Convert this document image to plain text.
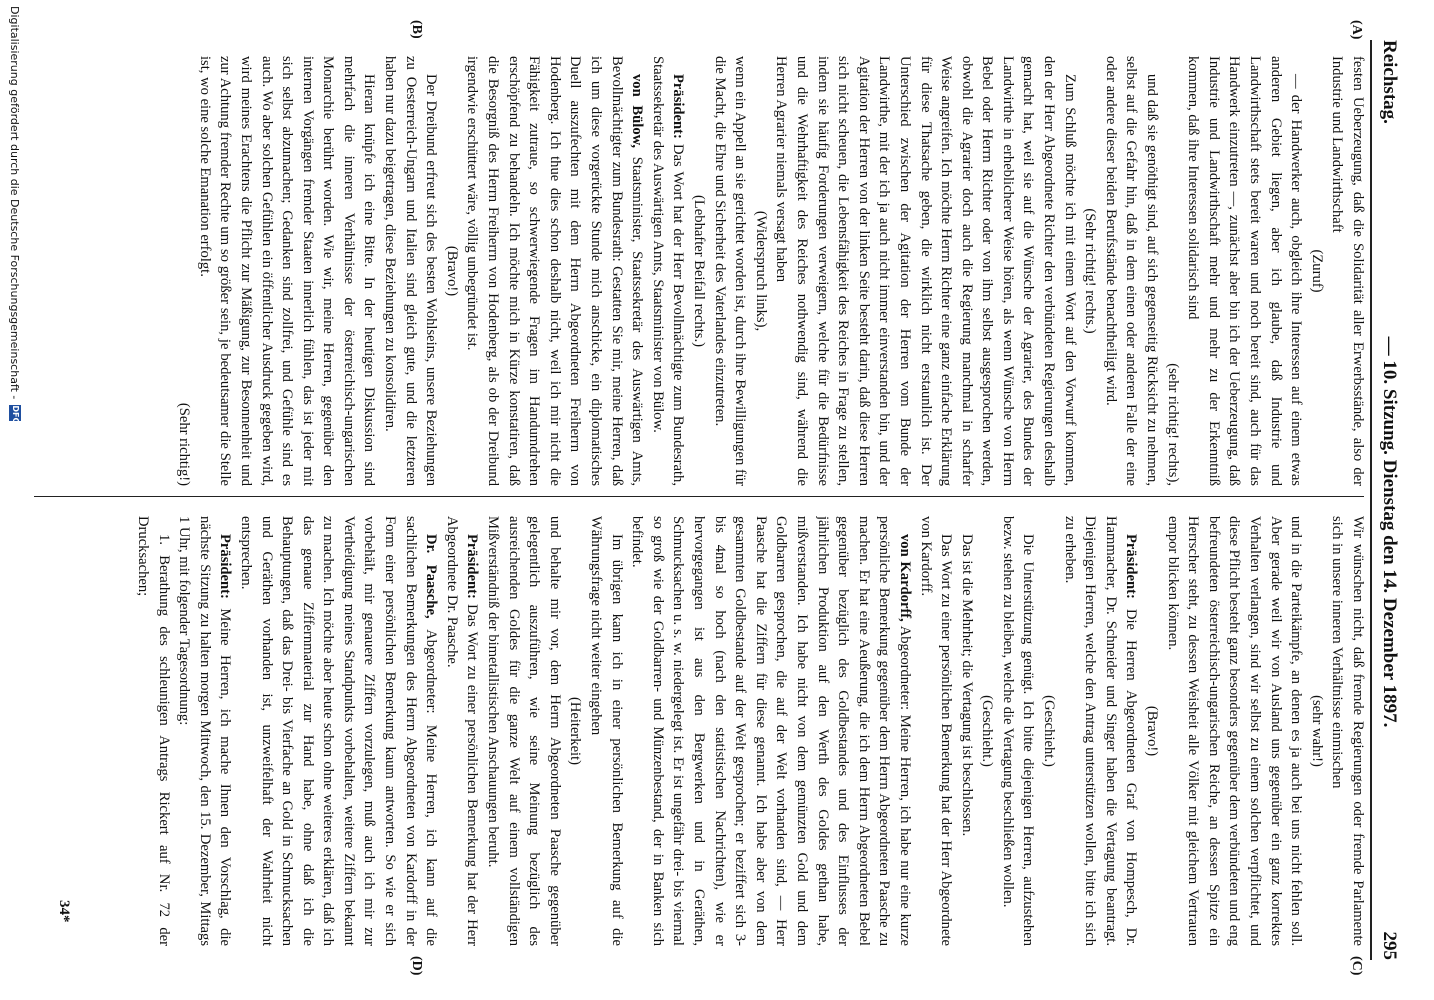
Reichstag.
— 10. Sitzung. Dienstag den 14. Dezember 1897.
295
(A)
(B)
(C)
(D)

festen Ueberzeugung, daß die Solidarität aller Erwerbsstände, also der Industrie und Landwirthschaft

(Zuruf)

— der Handwerker auch, obgleich ihre Interessen auf einem etwas anderen Gebiet liegen, aber ich glaube, daß Industrie und Landwirthschaft stets bereit waren und noch bereit sind, auch für das Handwerk einzutreten —, zunächst aber bin ich der Ueberzeugung, daß Industrie und Landwirthschaft mehr und mehr zu der Erkenntniß kommen, daß ihre Interessen solidarisch sind

(sehr richtig! rechts),

und daß sie genöthigt sind, auf sich gegenseitig Rücksicht zu nehmen, selbst auf die Gefahr hin, daß in dem einen oder anderen Falle der eine oder andere dieser beiden Berufsstände benachtheiligt wird.

(Sehr richtig! rechts.)

Zum Schluß möchte ich mit einem Wort auf den Vorwurf kommen, den der Herr Abgeordnete Richter den verbündeten Regierungen deshalb gemacht hat, weil sie auf die Wünsche der Agrarier, des Bundes der Landwirthe in erheblicherer Weise hören, als wenn Wünsche von Herrn Bebel oder Herrn Richter oder von ihm selbst ausgesprochen werden, obwohl die Agrarier doch auch die Regierung manchmal in scharfer Weise angreifen. Ich möchte Herrn Richter eine ganz einfache Erklärung für diese Thatsache geben, die wirklich nicht erstaunlich ist. Der Unterschied zwischen der Agitation der Herren vom Bunde der Landwirthe, mit der ich ja auch nicht immer einverstanden bin, und der Agitation der Herren von der linken Seite besteht darin, daß diese Herren sich nicht scheuen, die Lebensfähigkeit des Reiches in Frage zu stellen, indem sie häufig Forderungen verweigern, welche für die Bedürfnisse und die Wehrhaftigkeit des Reiches nothwendig sind, während die Herren Agrarier niemals versagt haben

(Widerspruch links),

wenn ein Appell an sie gerichtet worden ist, durch ihre Bewilligungen für die Macht, die Ehre und Sicherheit des Vaterlandes einzutreten.

(Lebhafter Beifall rechts.)

Präsident: Das Wort hat der Herr Bevollmächtigte zum Bundesrath, Staatssekretär des Auswärtigen Amts, Staatsminister von Bülow.

von Bülow, Staatsminister, Staatssekretär des Auswärtigen Amts, Bevollmächtigter zum Bundesrath: Gestatten Sie mir, meine Herren, daß ich um diese vorgerückte Stunde mich anschicke, ein diplomatisches Duell auszufechten mit dem Herrn Abgeordneten Freiherrn von Hodenberg. Ich thue dies schon deshalb nicht, weil ich mir nicht die Fähigkeit zutraue, so schwerwiegende Fragen im Handumdrehen erschöpfend zu behandeln. Ich möchte mich in Kürze konstatiren, daß die Besorgniß des Herrn Freiherrn von Hodenberg, als ob der Dreibund irgendwie erschüttert wäre, völlig unbegründet ist.

(Bravo!)

Der Dreibund erfreut sich des besten Wohlseins, unsere Beziehungen zu Oesterreich-Ungarn und Italien sind gleich gute, und die letzteren haben nur dazu beigetragen, diese Beziehungen zu konsolidiren.

Hieran knüpfe ich eine Bitte. In der heutigen Diskussion sind mehrfach die inneren Verhältnisse der österreichisch-ungarischen Monarchie berührt worden. Wie wir, meine Herren, gegenüber den internen Vorgängen fremder Staaten innerlich fühlen, das ist jeder mit sich selbst abzumachen; Gedanken sind zollfrei, und Gefühle sind es auch. Wo aber solchen Gefühlen ein öffentlicher Ausdruck gegeben wird, wird meines Erachtens die Pflicht zur Mäßigung, zur Besonnenheit und zur Achtung fremder Rechte um so größer sein, je bedeutsamer die Stelle ist, wo eine solche Emanation erfolgt.

(Sehr richtig!)

Wir wünschen nicht, daß fremde Regierungen oder fremde Parlamente sich in unsere inneren Verhältnisse einmischen

(sehr wahr!)

und in die Parteikämpfe, an denen es ja auch bei uns nicht fehlen soll. Aber gerade weil wir von Ausland uns gegenüber ein ganz korrektes Verhalten verlangen, sind wir selbst zu einem solchen verpflichtet, und diese Pflicht besteht ganz besonders gegenüber dem verbündeten und eng befreundeten österreichisch-ungarischen Reiche, an dessen Spitze ein Herrscher steht, zu dessen Weisheit alle Völker mit gleichem Vertrauen empor blicken können.

(Bravo!)

Präsident: Die Herren Abgeordneten Graf von Hompesch, Dr. Hammacher, Dr. Schneider und Singer haben die Vertagung beantragt. Diejenigen Herren, welche den Antrag unterstützen wollen, bitte ich sich zu erheben.

(Geschieht.)

Die Unterstützung genügt. Ich bitte diejenigen Herren, aufzustehen bezw. stehen zu bleiben, welche die Vertagung beschließen wollen.

(Geschieht.)

Das ist die Mehrheit; die Vertagung ist beschlossen.

Das Wort zu einer persönlichen Bemerkung hat der Herr Abgeordnete von Kardorff.

von Kardorff, Abgeordneter: Meine Herren, ich habe nur eine kurze persönliche Bemerkung gegenüber dem Herrn Abgeordneten Paasche zu machen. Er hat eine Aeußerung, die ich dem Herrn Abgeordneten Bebel gegenüber bezüglich des Goldbestandes und des Einflusses der jährlichen Produktion auf den Werth des Goldes gethan habe, mißverstanden. Ich habe nicht von dem gemünzten Gold und dem Goldbarren gesprochen, die auf der Welt vorhanden sind, — Herr Paasche hat die Ziffern für diese genannt. Ich habe aber von dem gesammten Goldbestande auf der Welt gesprochen; er beziffert sich 3- bis 4mal so hoch (nach den statistischen Nachrichten), wie er hervorgegangen ist aus den Bergwerken und in Geräthen, Schmucksachen u. s. w. niedergelegt ist. Er ist ungefähr drei- bis viermal so groß wie der Goldbarren- und Münzenbestand, der in Banken sich befindet.

Im übrigen kann ich in einer persönlichen Bemerkung auf die Währungsfrage nicht weiter eingehen

(Heiterkeit)

und behalte mir vor, dem Herrn Abgeordneten Paasche gegenüber gelegentlich auszuführen, wie seine Meinung bezüglich des ausreichenden Goldes für die ganze Welt auf einem vollständigen Mißverständniß der bimetallistischen Anschauungen beruht.

Präsident: Das Wort zu einer persönlichen Bemerkung hat der Herr Abgeordnete Dr. Paasche.

Dr. Paasche, Abgeordneter: Meine Herren, ich kann auf die sachlichen Bemerkungen des Herrn Abgeordneten von Kardorff in der Form einer persönlichen Bemerkung kaum antworten. So wie er sich vorbehält, mir genauere Ziffern vorzulegen, muß auch ich mir zur Vertheidigung meines Standpunkts vorbehalten, weitere Ziffern bekannt zu machen. Ich möchte aber heute schon ohne weiteres erklären, daß ich das genaue Ziffernmaterial zur Hand habe, ohne daß ich die Behauptungen, daß das Drei- bis Vierfache an Gold in Schmucksachen und Geräthen vorhanden ist, unzweifelhaft der Wahrheit nicht entsprechen.

Präsident: Meine Herren, ich mache Ihnen den Vorschlag, die nächste Sitzung zu halten morgen Mittwoch, den 15. Dezember, Mittags 1 Uhr, mit folgender Tagesordnung:

1. Berathung des schleunigen Antrags Rickert auf Nr. 72 der Drucksachen;

34*
Digitalisierung gefördert durch die Deutsche Forschungsgemeinschaft -
DFG
